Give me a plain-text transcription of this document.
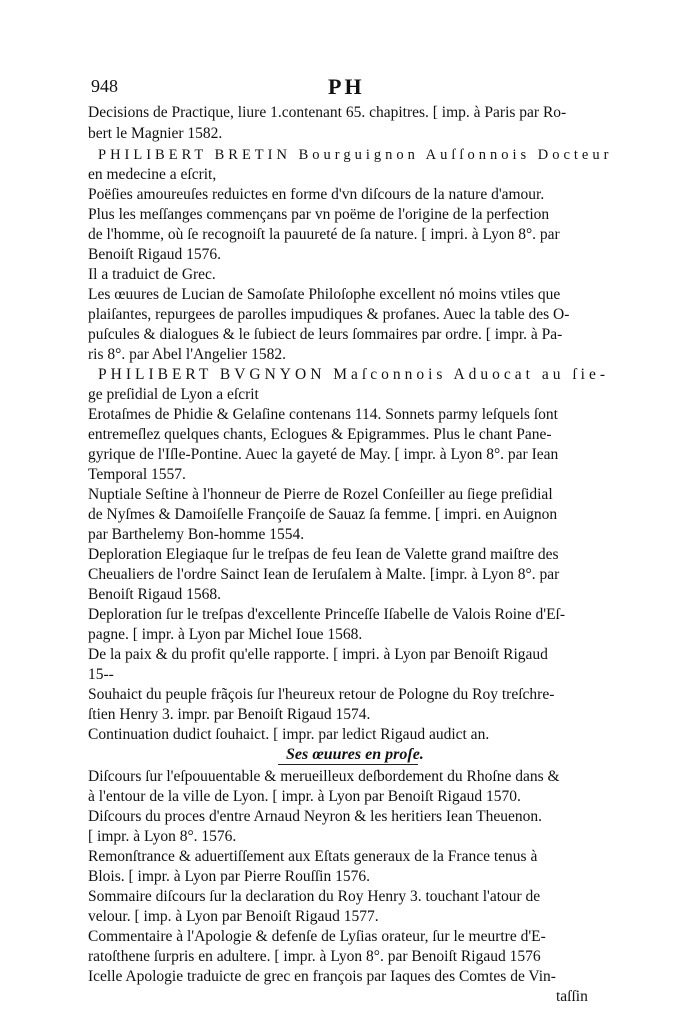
948	PH
Decisions de Practique, liure 1.contenant 65. chapitres. [ imp. à Paris par Ro-
bert le Magnier 1582.
PHILIBERT BRETIN Bourguignon Auſſonnois Docteur
en medecine a eſcrit,
Poëſies amoureuſes reduictes en forme d'vn diſcours de la nature d'amour.
Plus les meſſanges commençans par vn poëme de l'origine de la perfection
de l'homme, où ſe recognoiſt la pauureté de ſa nature. [ impri. à Lyon 8°. par
Benoiſt Rigaud 1576.
Il a traduict de Grec.
Les œuures de Lucian de Samoſate Philoſophe excellent nó moins vtiles que
plaiſantes, repurgees de parolles impudiques & profanes. Auec la table des O-
puſcules & dialogues & le ſubiect de leurs ſommaires par ordre. [ impr. à Pa-
ris 8°. par Abel l'Angelier 1582.
PHILIBERT BVGNYON Maſconnois Aduocat au ſie-
ge preſidial de Lyon a eſcrit
Erotaſmes de Phidie & Gelaſine contenans 114. Sonnets parmy leſquels ſont
entremeſlez quelques chants, Eclogues & Epigrammes. Plus le chant Pane-
gyrique de l'Iſle-Pontine. Auec la gayeté de May. [ impr. à Lyon 8°. par Iean
Temporal 1557.
Nuptiale Seſtine à l'honneur de Pierre de Rozel Conſeiller au ſiege preſidial
de Nyſmes & Damoiſelle Françoiſe de Sauaz ſa femme. [ impri. en Auignon
par Barthelemy Bon-homme 1554.
Deploration Elegiaque ſur le treſpas de feu Iean de Valette grand maiſtre des
Cheualiers de l'ordre Sainct Iean de Ieruſalem à Malte. [impr. à Lyon 8°. par
Benoiſt Rigaud 1568.
Deploration ſur le treſpas d'excellente Princeſſe Iſabelle de Valois Roine d'Eſ-
pagne. [ impr. à Lyon par Michel Ioue 1568.
De la paix & du profit qu'elle rapporte. [ impri. à Lyon par Benoiſt Rigaud
15--
Souhaict du peuple frãçois ſur l'heureux retour de Pologne du Roy treſchre-
ſtien Henry 3. impr. par Benoiſt Rigaud 1574.
Continuation dudict ſouhaict. [ impr. par ledict Rigaud audict an.
Ses œuures en proſe.
Diſcours ſur l'eſpouuentable & merueilleux deſbordement du Rhoſne dans &
à l'entour de la ville de Lyon. [ impr. à Lyon par Benoiſt Rigaud 1570.
Diſcours du proces d'entre Arnaud Neyron & les heritiers Iean Theuenon.
[ impr. à Lyon 8°. 1576.
Remonſtrance & aduertiſſement aux Eſtats generaux de la France tenus à
Blois. [ impr. à Lyon par Pierre Rouſſin 1576.
Sommaire diſcours ſur la declaration du Roy Henry 3. touchant l'atour de
velour. [ imp. à Lyon par Benoiſt Rigaud 1577.
Commentaire à l'Apologie & defenſe de Lyſias orateur, ſur le meurtre d'E-
ratoſthene ſurpris en adultere. [ impr. à Lyon 8°. par Benoiſt Rigaud 1576
Icelle Apologie traduicte de grec en françois par Iaques des Comtes de Vin-
taſſin
